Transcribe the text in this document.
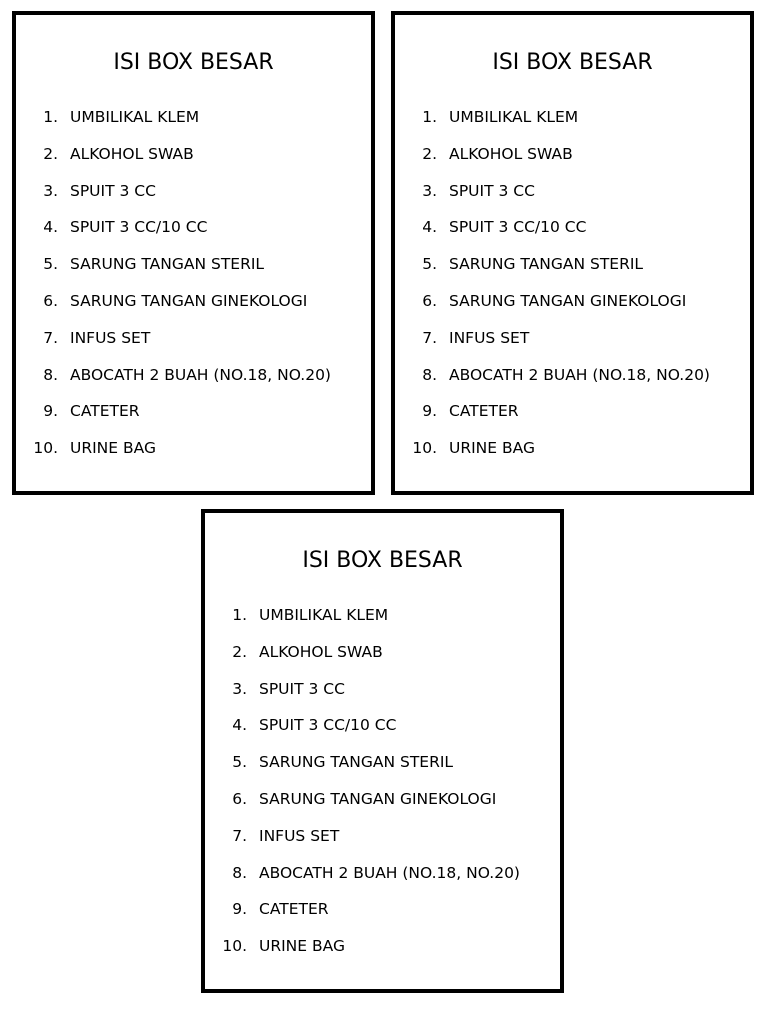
ISI BOX BESAR
1. UMBILIKAL KLEM
2. ALKOHOL SWAB
3. SPUIT 3 CC
4. SPUIT 3 CC/10 CC
5. SARUNG TANGAN STERIL
6. SARUNG TANGAN GINEKOLOGI
7. INFUS SET
8. ABOCATH 2 BUAH (NO.18, NO.20)
9. CATETER
10. URINE BAG
ISI BOX BESAR
1. UMBILIKAL KLEM
2. ALKOHOL SWAB
3. SPUIT 3 CC
4. SPUIT 3 CC/10 CC
5. SARUNG TANGAN STERIL
6. SARUNG TANGAN GINEKOLOGI
7. INFUS SET
8. ABOCATH 2 BUAH (NO.18, NO.20)
9. CATETER
10. URINE BAG
ISI BOX BESAR
1. UMBILIKAL KLEM
2. ALKOHOL SWAB
3. SPUIT 3 CC
4. SPUIT 3 CC/10 CC
5. SARUNG TANGAN STERIL
6. SARUNG TANGAN GINEKOLOGI
7. INFUS SET
8. ABOCATH 2 BUAH (NO.18, NO.20)
9. CATETER
10. URINE BAG
